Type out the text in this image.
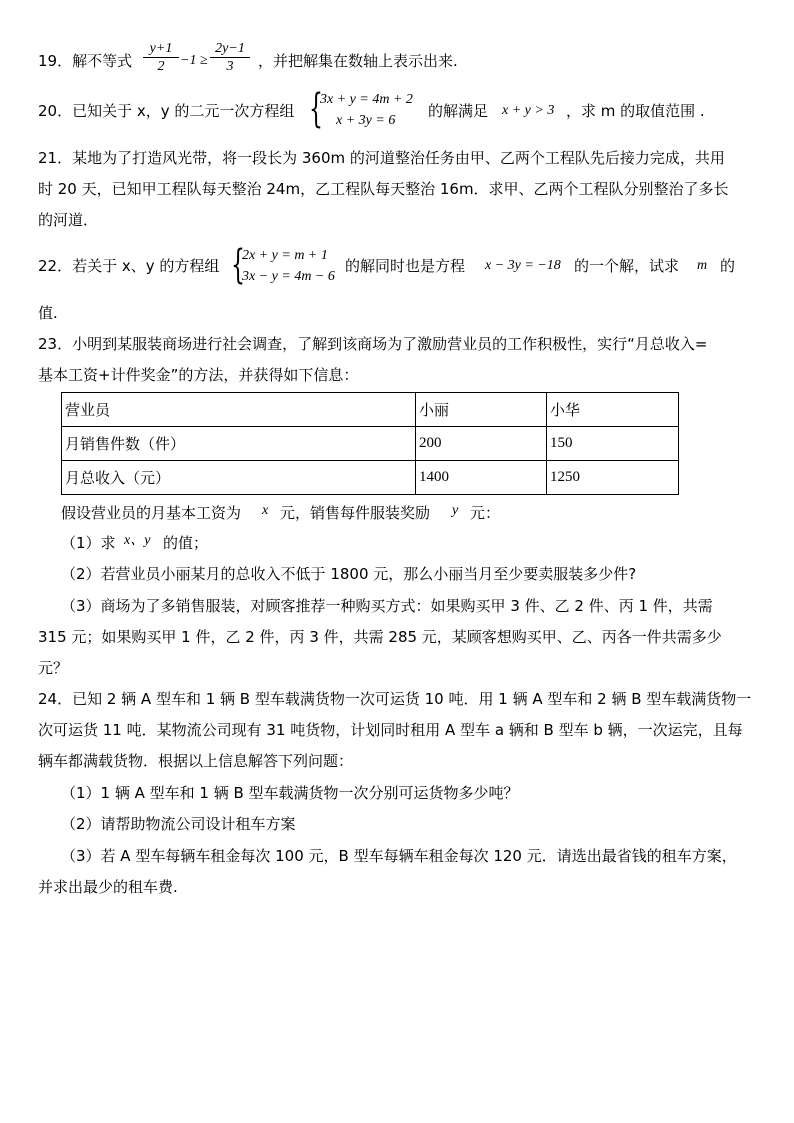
19．解不等式
y+1
2 −1 ≥
2y−1
3 ，并把解集在数轴上表示出来.
20．已知关于 x，y 的二元一次方程组 {
3x + y = 4m + 2
x + 3y = 6
的解满足 x + y > 3 ，求 m 的取值范围 .
21．某地为了打造风光带，将一段长为 360m 的河道整治任务由甲、乙两个工程队先后接力完成，共用
时 20 天，已知甲工程队每天整治 24m，乙工程队每天整治 16m．求甲、乙两个工程队分别整治了多长
的河道．
22．若关于 x、y 的方程组 {
2x + y = m + 1
3x − y = 4m − 6
的解同时也是方程 x − 3y = −18 的一个解，试求 m 的
值.
23．小明到某服装商场进行社会调查，了解到该商场为了激励营业员的工作积极性，实行“月总收入=
基本工资+计件奖金”的方法，并获得如下信息：
营业员	小丽	小华
月销售件数（件）	200	150
月总收入（元）	1400	1250
假设营业员的月基本工资为 x 元，销售每件服装奖励 y 元：
（1）求 x、y 的值；
（2）若营业员小丽某月的总收入不低于 1800 元，那么小丽当月至少要卖服装多少件?
（3）商场为了多销售服装，对顾客推荐一种购买方式：如果购买甲 3 件、乙 2 件、丙 1 件，共需
315 元；如果购买甲 1 件，乙 2 件，丙 3 件，共需 285 元，某顾客想购买甲、乙、丙各一件共需多少
元？
24．已知 2 辆 A 型车和 1 辆 B 型车载满货物一次可运货 10 吨．用 1 辆 A 型车和 2 辆 B 型车载满货物一
次可运货 11 吨．某物流公司现有 31 吨货物，计划同时租用 A 型车 a 辆和 B 型车 b 辆，一次运完，且每
辆车都满载货物．根据以上信息解答下列问题：
（1）1 辆 A 型车和 1 辆 B 型车载满货物一次分别可运货物多少吨？
（2）请帮助物流公司设计租车方案
（3）若 A 型车每辆车租金每次 100 元，B 型车每辆车租金每次 120 元．请选出最省钱的租车方案，
并求出最少的租车费.
